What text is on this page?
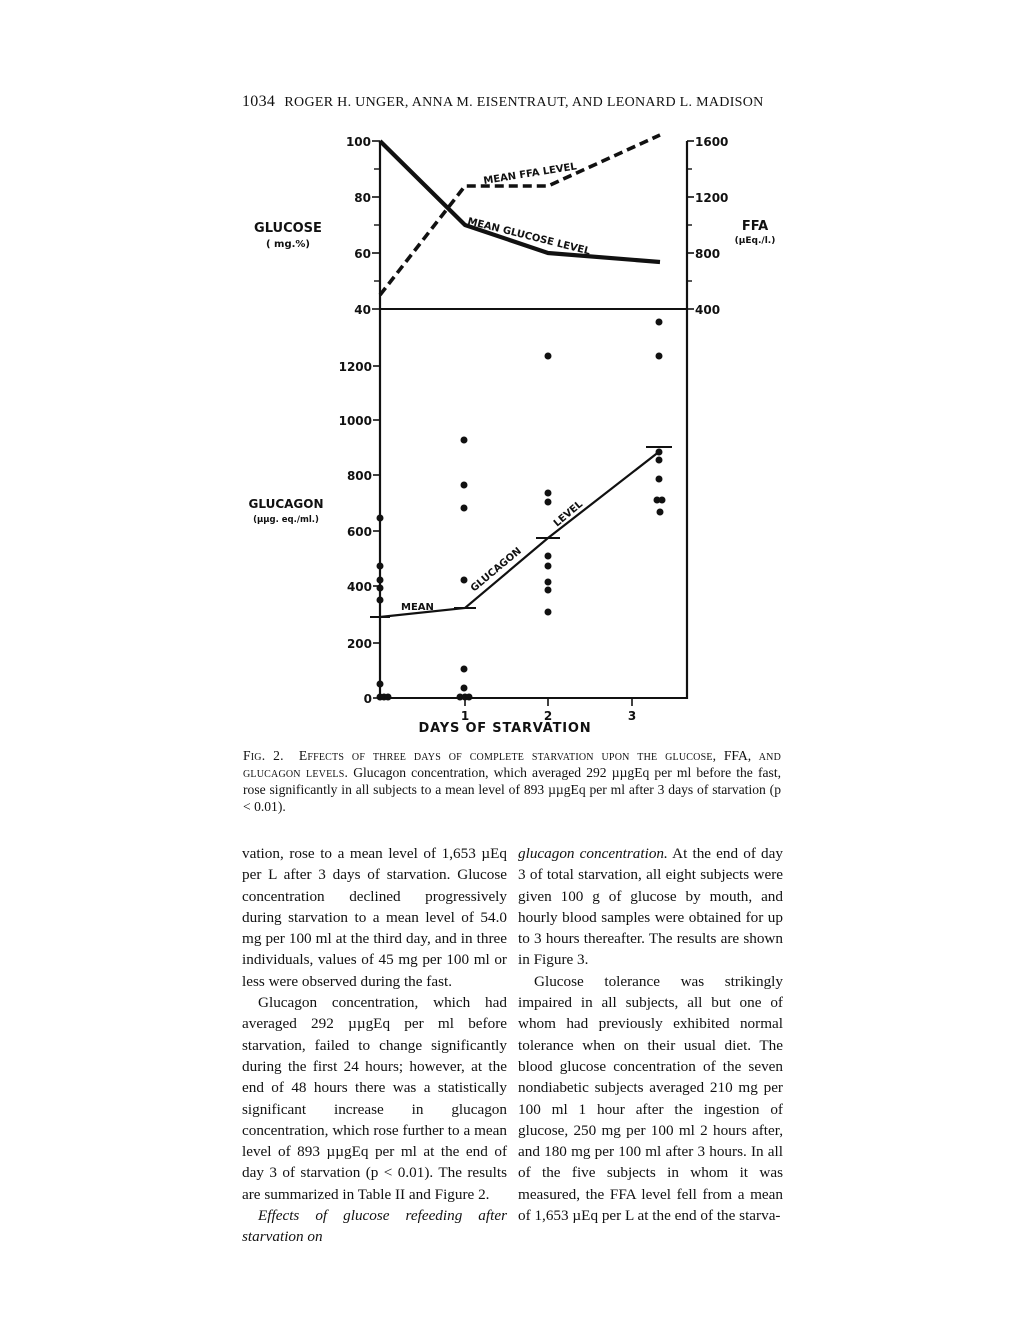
1034 ROGER H. UNGER, ANNA M. EISENTRAUT, AND LEONARD L. MADISON
100
80
60
40
1600
1200
800
400
1200
1000
800
600
400
200
0
1	2	3
DAYS OF STARVATION
GLUCOSE
( mg.%)
FFA
(µEq./l.)
GLUCAGON
(µµg. eq./ml.)
MEAN FFA LEVEL
MEAN GLUCOSE LEVEL
MEAN
GLUCAGON
LEVEL
Fig. 2. Effects of three days of complete starvation upon the glucose, FFA, and glucagon levels. Glucagon concentration, which averaged 292 µµgEq per ml before the fast, rose significantly in all subjects to a mean level of 893 µµgEq per ml after 3 days of starvation (p < 0.01).

vation, rose to a mean level of 1,653 µEq per L after 3 days of starvation. Glucose concentration declined progressively during starvation to a mean level of 54.0 mg per 100 ml at the third day, and in three individuals, values of 45 mg per 100 ml or less were observed during the fast.

Glucagon concentration, which had averaged 292 µµgEq per ml before starvation, failed to change significantly during the first 24 hours; however, at the end of 48 hours there was a statistically significant increase in glucagon concentration, which rose further to a mean level of 893 µµgEq per ml at the end of day 3 of starvation (p < 0.01). The results are summarized in Table II and Figure 2.

Effects of glucose refeeding after starvation on

glucagon concentration. At the end of day 3 of total starvation, all eight subjects were given 100 g of glucose by mouth, and hourly blood samples were obtained for up to 3 hours thereafter. The results are shown in Figure 3.

Glucose tolerance was strikingly impaired in all subjects, all but one of whom had previously exhibited normal tolerance when on their usual diet. The blood glucose concentration of the seven nondiabetic subjects averaged 210 mg per 100 ml 1 hour after the ingestion of glucose, 250 mg per 100 ml 2 hours after, and 180 mg per 100 ml after 3 hours. In all of the five subjects in whom it was measured, the FFA level fell from a mean of 1,653 µEq per L at the end of the starva-
